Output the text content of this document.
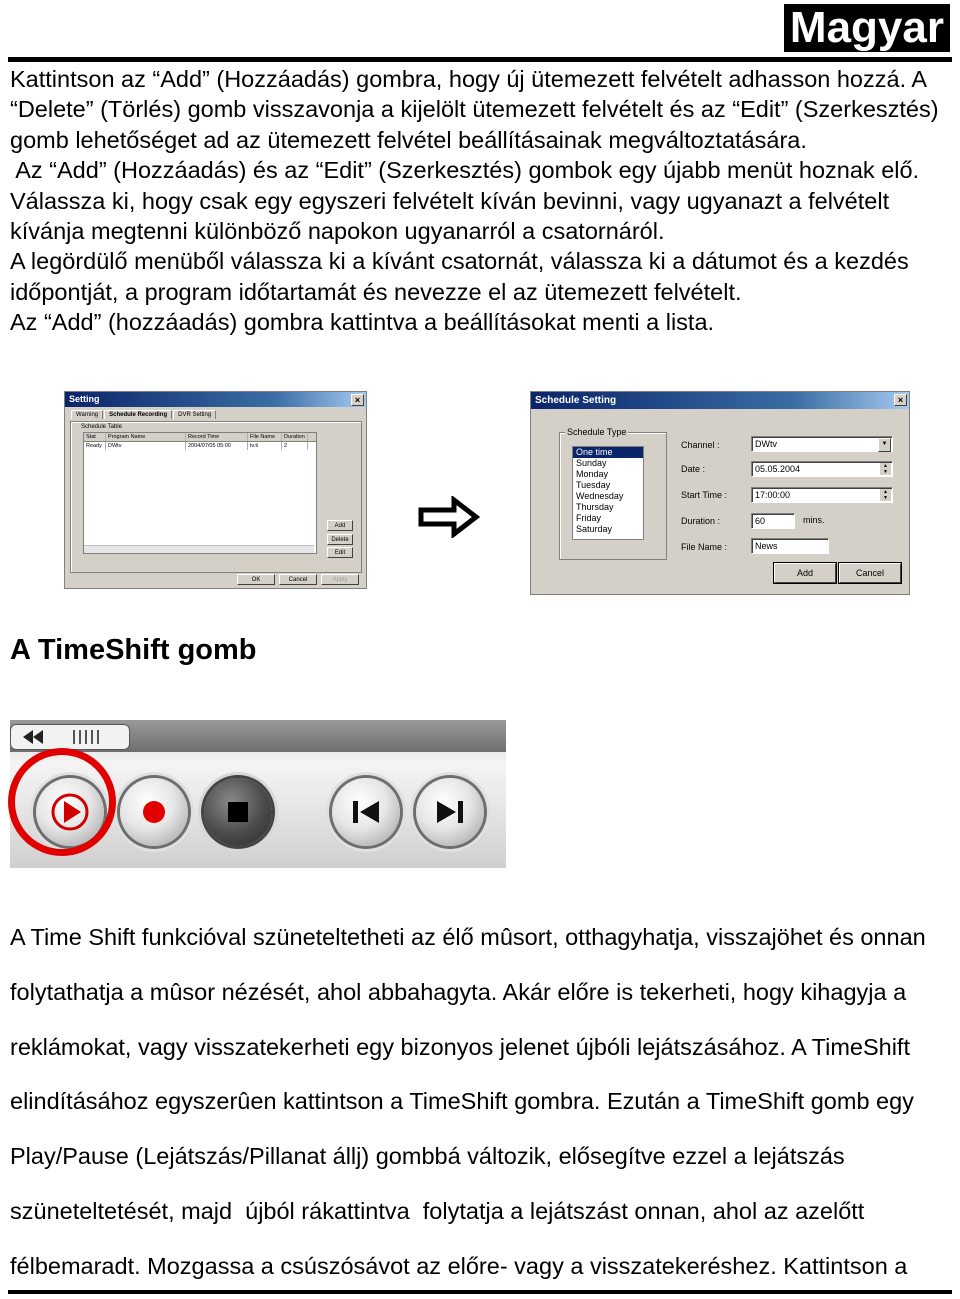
Magyar

Kattintson az “Add” (Hozzáadás) gombra, hogy új ütemezett felvételt adhasson hozzá. A

“Delete” (Törlés) gomb visszavonja a kijelölt ütemezett felvételt és az “Edit” (Szerkesztés)

gomb lehetőséget ad az ütemezett felvétel beállításainak megváltoztatására.

Az “Add” (Hozzáadás) és az “Edit” (Szerkesztés) gombok egy újabb menüt hoznak elő.

Válassza ki, hogy csak egy egyszeri felvételt kíván bevinni, vagy ugyanazt a felvételt

kívánja megtenni különböző napokon ugyanarról a csatornáról.

A legördülő menüből válassza ki a kívánt csatornát, válassza ki a dátumot és a kezdés

időpontját, a program időtartamát és nevezze el az ütemezett felvételt.

Az “Add” (hozzáadás) gombra kattintva a beállításokat menti a lista.

Setting	×
Warning	Schedule Recording	DVR Setting
Schedule Table
Stat	Program Name	Record Time	File Name	Duration
Ready	DWtv	2004/07/05 05:00	tv.ti	2
Add
Delete
Edit
OK	Cancel	Apply
Schedule Setting	×
Schedule Type
One time
Sunday
Monday
Tuesday
Wednesday
Thursday
Friday
Saturday
Channel :	DWtv	▼
Date :	05.05.2004	▲
▼
Start Time :	17:00:00	▲
▼
Duration :	60	mins.
File Name :	News
Add	Cancel
A TimeShift gomb

A Time Shift funkcióval szüneteltetheti az élő mûsort, otthagyhatja, visszajöhet és onnan

folytathatja a mûsor nézését, ahol abbahagyta. Akár előre is tekerheti, hogy kihagyja a

reklámokat, vagy visszatekerheti egy bizonyos jelenet újbóli lejátszásához. A TimeShift

elindításához egyszerûen kattintson a TimeShift gombra. Ezután a TimeShift gomb egy

Play/Pause (Lejátszás/Pillanat állj) gombbá változik, elősegítve ezzel a lejátszás

szüneteltetését, majd  újból rákattintva  folytatja a lejátszást onnan, ahol az azelőtt

félbemaradt. Mozgassa a csúszósávot az előre- vagy a visszatekeréshez. Kattintson a
